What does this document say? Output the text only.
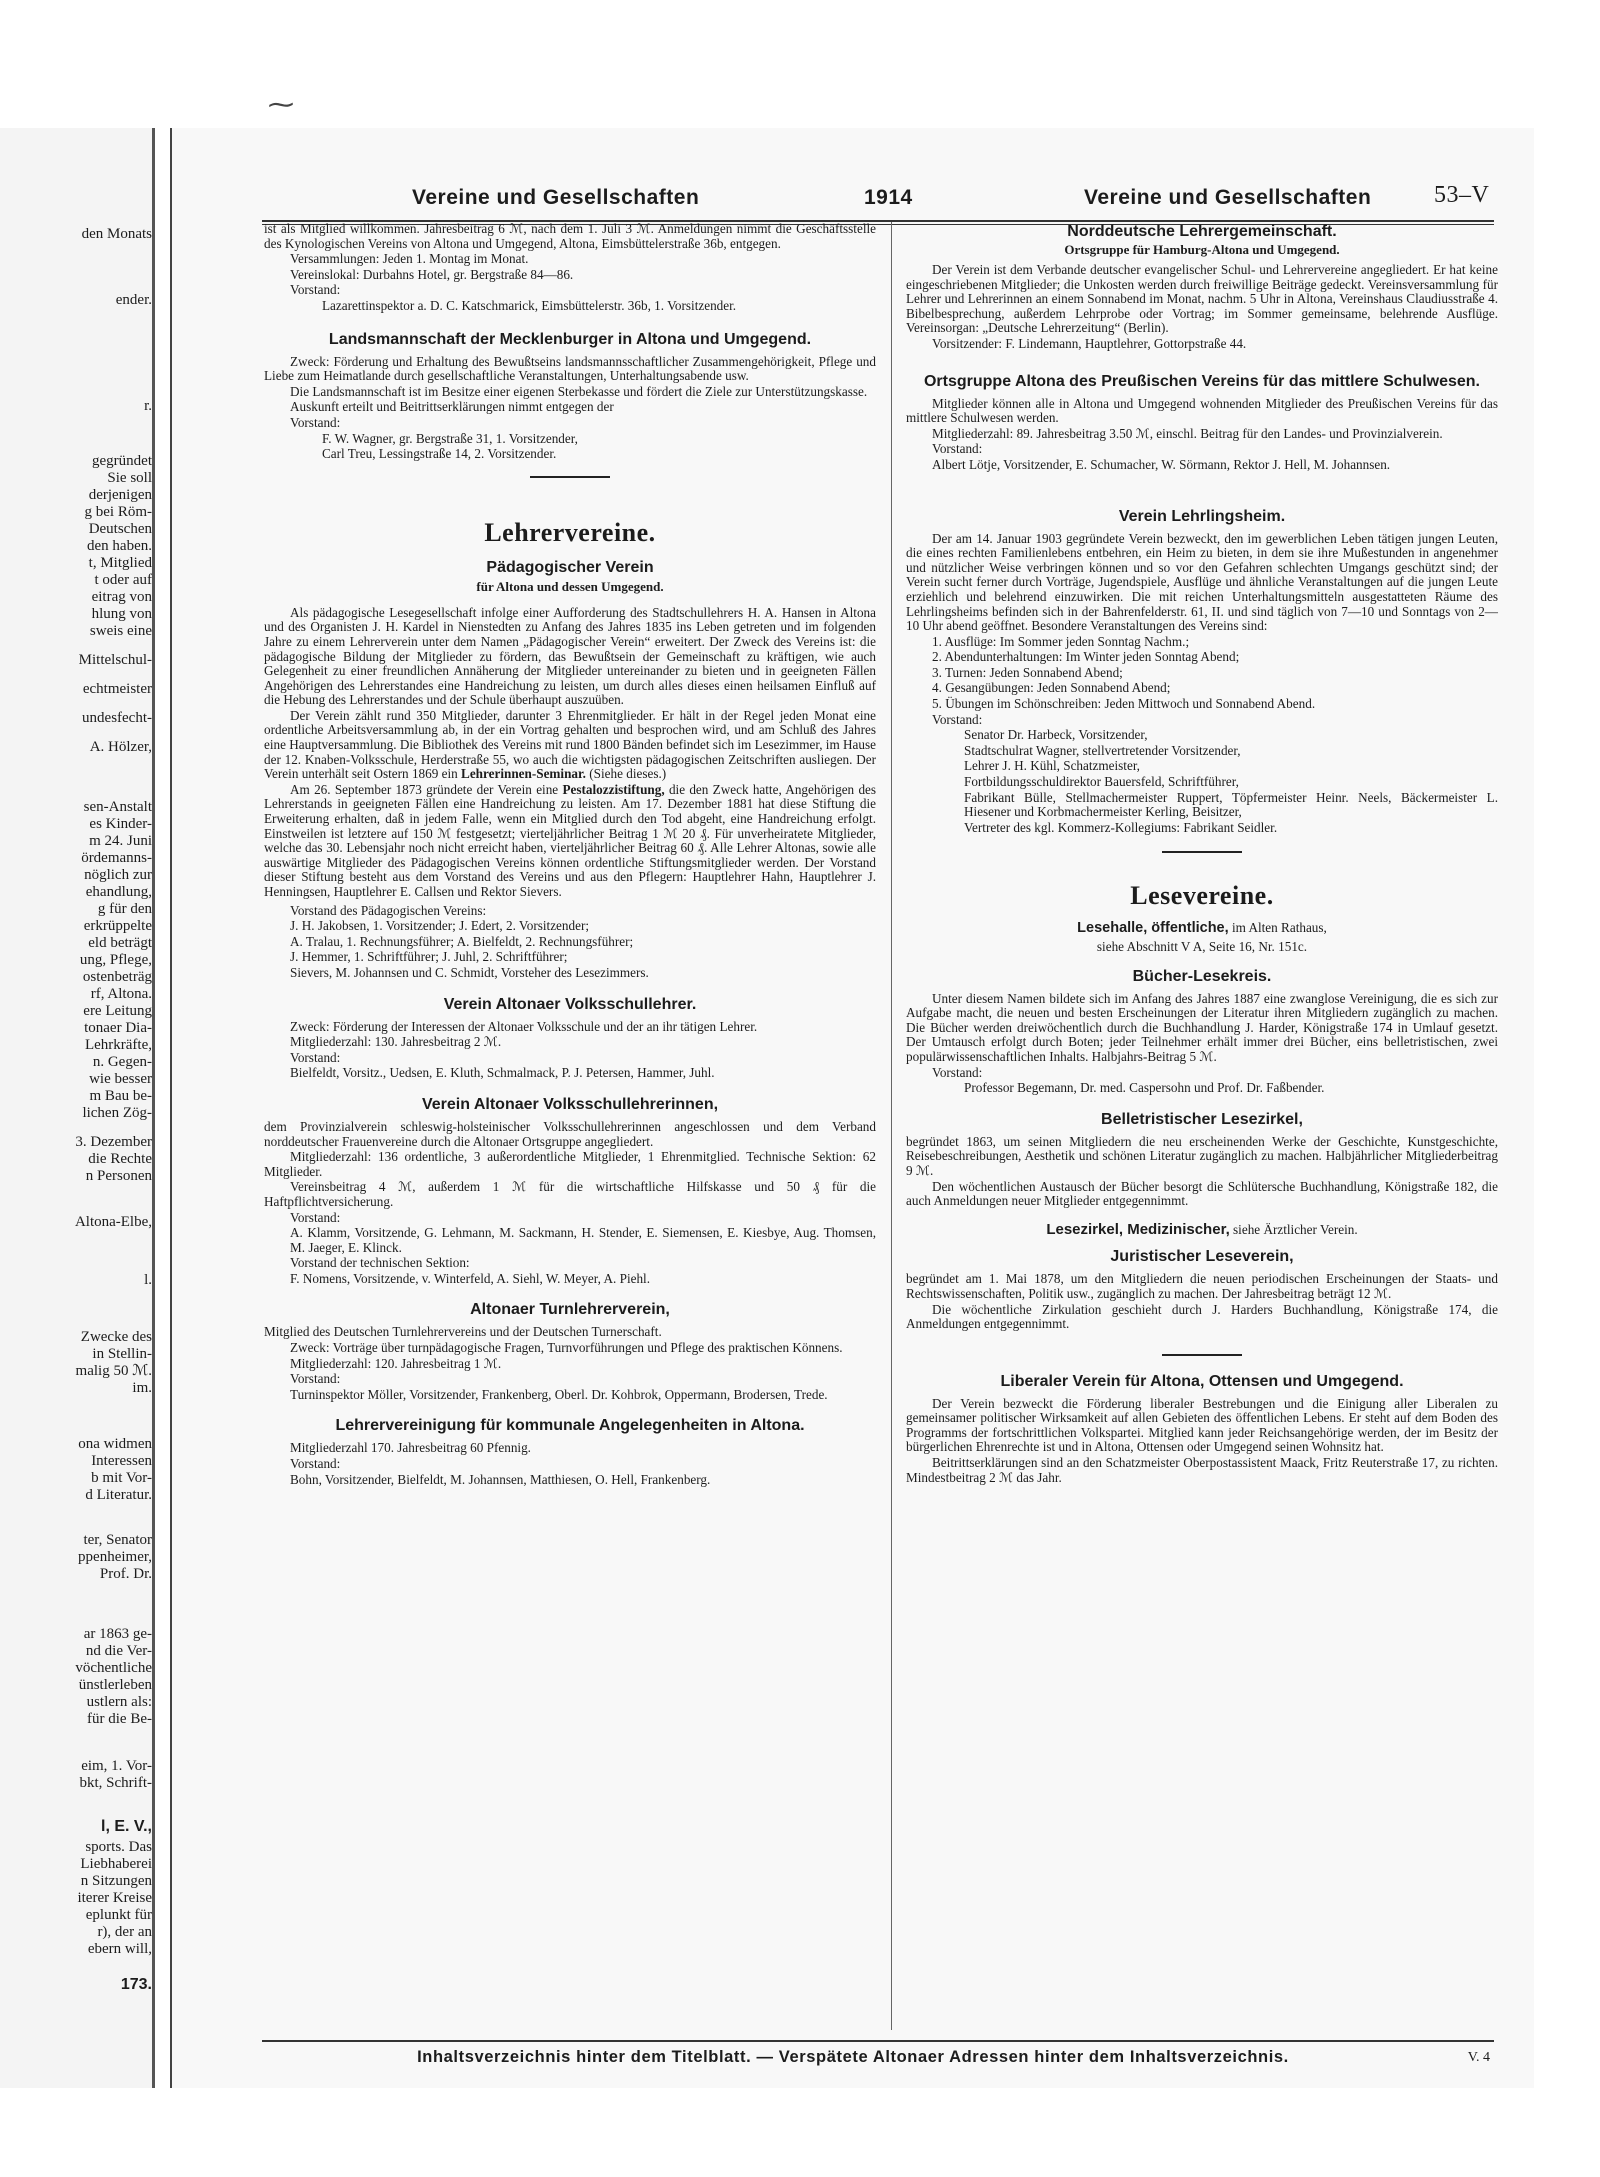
den Monats
ender.
r.
gegründet
Sie soll
derjenigen
g bei Röm-
Deutschen
den haben.
t, Mitglied
t oder auf
eitrag von
hlung von
sweis eine
Mittelschul-
echtmeister
undesfecht-
A. Hölzer,
sen-Anstalt
es Kinder-
m 24. Juni
ördemanns-
nöglich zur
ehandlung,
g für den
erkrüppelte
eld beträgt
ung, Pflege,
ostenbeträg
rf, Altona.
ere Leitung
tonaer Dia-
Lehrkräfte,
n. Gegen-
wie besser
m Bau be-
lichen Zög-
3. Dezember
die Rechte
n Personen
Altona-Elbe,
l.
Zwecke des
in Stellin-
malig 50 ℳ.
im.
ona widmen
Interessen
b mit Vor-
d Literatur.
ter, Senator
ppenheimer,
Prof. Dr.
ar 1863 ge-
nd die Ver-
vöchentliche
ünstlerleben
ustlern als:
für die Be-
eim, 1. Vor-
bkt, Schrift-
l, E. V.,
sports. Das
Liebhaberei
n Sitzungen
iterer Kreise
eplunkt für
r), der an
ebern will,
173.
⁓
Vereine und Gesellschaften	1914	Vereine und Gesellschaften	53–V

ist als Mitglied willkommen. Jahresbeitrag 6 ℳ, nach dem 1. Juli 3 ℳ. Anmeldungen nimmt die Geschäftsstelle des Kynologischen Vereins von Altona und Umgegend, Altona, Eimsbüttelerstraße 36b, entgegen.

Versammlungen: Jeden 1. Montag im Monat.

Vereinslokal: Durbahns Hotel, gr. Bergstraße 84—86.

Vorstand:

Lazarettinspektor a. D. C. Katschmarick, Eimsbüttelerstr. 36b, 1. Vorsitzender.

Landsmannschaft der Mecklenburger in Altona und Umgegend.

Zweck: Förderung und Erhaltung des Bewußtseins landsmannsschaftlicher Zusammengehörigkeit, Pflege und Liebe zum Heimatlande durch gesellschaftliche Veranstaltungen, Unterhaltungsabende usw.

Die Landsmannschaft ist im Besitze einer eigenen Sterbekasse und fördert die Ziele zur Unterstützungskasse.

Auskunft erteilt und Beitrittserklärungen nimmt entgegen der

Vorstand:

F. W. Wagner, gr. Bergstraße 31, 1. Vorsitzender,

Carl Treu, Lessingstraße 14, 2. Vorsitzender.

Lehrervereine.
Pädagogischer Verein
für Altona und dessen Umgegend.

Als pädagogische Lesegesellschaft infolge einer Aufforderung des Stadtschullehrers H. A. Hansen in Altona und des Organisten J. H. Kardel in Nienstedten zu Anfang des Jahres 1835 ins Leben getreten und im folgenden Jahre zu einem Lehrerverein unter dem Namen „Pädagogischer Verein“ erweitert. Der Zweck des Vereins ist: die pädagogische Bildung der Mitglieder zu fördern, das Bewußtsein der Gemeinschaft zu kräftigen, wie auch Gelegenheit zu einer freundlichen Annäherung der Mitglieder untereinander zu bieten und in geeigneten Fällen Angehörigen des Lehrerstandes eine Handreichung zu leisten, um durch alles dieses einen heilsamen Einfluß auf die Hebung des Lehrerstandes und der Schule überhaupt auszuüben.

Der Verein zählt rund 350 Mitglieder, darunter 3 Ehrenmitglieder. Er hält in der Regel jeden Monat eine ordentliche Arbeitsversammlung ab, in der ein Vortrag gehalten und besprochen wird, und am Schluß des Jahres eine Hauptversammlung. Die Bibliothek des Vereins mit rund 1800 Bänden befindet sich im Lesezimmer, im Hause der 12. Knaben-Volksschule, Herderstraße 55, wo auch die wichtigsten pädagogischen Zeitschriften ausliegen. Der Verein unterhält seit Ostern 1869 ein Lehrerinnen-Seminar. (Siehe dieses.)

Am 26. September 1873 gründete der Verein eine Pestalozzistiftung, die den Zweck hatte, Angehörigen des Lehrerstands in geeigneten Fällen eine Handreichung zu leisten. Am 17. Dezember 1881 hat diese Stiftung die Erweiterung erhalten, daß in jedem Falle, wenn ein Mitglied durch den Tod abgeht, eine Handreichung erfolgt. Einstweilen ist letztere auf 150 ℳ festgesetzt; vierteljährlicher Beitrag 1 ℳ 20 ₰. Für unverheiratete Mitglieder, welche das 30. Lebensjahr noch nicht erreicht haben, vierteljährlicher Beitrag 60 ₰. Alle Lehrer Altonas, sowie alle auswärtige Mitglieder des Pädagogischen Vereins können ordentliche Stiftungsmitglieder werden. Der Vorstand dieser Stiftung besteht aus dem Vorstand des Vereins und aus den Pflegern: Hauptlehrer Hahn, Hauptlehrer J. Henningsen, Hauptlehrer E. Callsen und Rektor Sievers.

Vorstand des Pädagogischen Vereins:

J. H. Jakobsen, 1. Vorsitzender; J. Edert, 2. Vorsitzender;

A. Tralau, 1. Rechnungsführer; A. Bielfeldt, 2. Rechnungsführer;

J. Hemmer, 1. Schriftführer; J. Juhl, 2. Schriftführer;

Sievers, M. Johannsen und C. Schmidt, Vorsteher des Lesezimmers.

Verein Altonaer Volksschullehrer.

Zweck: Förderung der Interessen der Altonaer Volksschule und der an ihr tätigen Lehrer.

Mitgliederzahl: 130. Jahresbeitrag 2 ℳ.

Vorstand:

Bielfeldt, Vorsitz., Uedsen, E. Kluth, Schmalmack, P. J. Petersen, Hammer, Juhl.

Verein Altonaer Volksschullehrerinnen,

dem Provinzialverein schleswig-holsteinischer Volksschullehrerinnen angeschlossen und dem Verband norddeutscher Frauenvereine durch die Altonaer Ortsgruppe angegliedert.

Mitgliederzahl: 136 ordentliche, 3 außerordentliche Mitglieder, 1 Ehrenmitglied. Technische Sektion: 62 Mitglieder.

Vereinsbeitrag 4 ℳ, außerdem 1 ℳ für die wirtschaftliche Hilfskasse und 50 ₰ für die Haftpflichtversicherung.

Vorstand:

A. Klamm, Vorsitzende, G. Lehmann, M. Sackmann, H. Stender, E. Siemensen, E. Kiesbye, Aug. Thomsen, M. Jaeger, E. Klinck.

Vorstand der technischen Sektion:

F. Nomens, Vorsitzende, v. Winterfeld, A. Siehl, W. Meyer, A. Piehl.

Altonaer Turnlehrerverein,

Mitglied des Deutschen Turnlehrervereins und der Deutschen Turnerschaft.

Zweck: Vorträge über turnpädagogische Fragen, Turnvorführungen und Pflege des praktischen Könnens.

Mitgliederzahl: 120. Jahresbeitrag 1 ℳ.

Vorstand:

Turninspektor Möller, Vorsitzender, Frankenberg, Oberl. Dr. Kohbrok, Oppermann, Brodersen, Trede.

Lehrervereinigung für kommunale Angelegenheiten in Altona.

Mitgliederzahl 170. Jahresbeitrag 60 Pfennig.

Vorstand:

Bohn, Vorsitzender, Bielfeldt, M. Johannsen, Matthiesen, O. Hell, Frankenberg.

Norddeutsche Lehrergemeinschaft.
Ortsgruppe für Hamburg-Altona und Umgegend.

Der Verein ist dem Verbande deutscher evangelischer Schul- und Lehrervereine angegliedert. Er hat keine eingeschriebenen Mitglieder; die Unkosten werden durch freiwillige Beiträge gedeckt. Vereinsversammlung für Lehrer und Lehrerinnen an einem Sonnabend im Monat, nachm. 5 Uhr in Altona, Vereinshaus Claudiusstraße 4. Bibelbesprechung, außerdem Lehrprobe oder Vortrag; im Sommer gemeinsame, belehrende Ausflüge. Vereinsorgan: „Deutsche Lehrerzeitung“ (Berlin).

Vorsitzender: F. Lindemann, Hauptlehrer, Gottorpstraße 44.

Ortsgruppe Altona des Preußischen Vereins für das mittlere Schulwesen.

Mitglieder können alle in Altona und Umgegend wohnenden Mitglieder des Preußischen Vereins für das mittlere Schulwesen werden.

Mitgliederzahl: 89. Jahresbeitrag 3.50 ℳ, einschl. Beitrag für den Landes- und Provinzialverein.

Vorstand:

Albert Lötje, Vorsitzender, E. Schumacher, W. Sörmann, Rektor J. Hell, M. Johannsen.

Verein Lehrlingsheim.

Der am 14. Januar 1903 gegründete Verein bezweckt, den im gewerblichen Leben tätigen jungen Leuten, die eines rechten Familienlebens entbehren, ein Heim zu bieten, in dem sie ihre Mußestunden in angenehmer und nützlicher Weise verbringen können und so vor den Gefahren schlechten Umgangs geschützt sind; der Verein sucht ferner durch Vorträge, Jugendspiele, Ausflüge und ähnliche Veranstaltungen auf die jungen Leute erziehlich und belehrend einzuwirken. Die mit reichen Unterhaltungsmitteln ausgestatteten Räume des Lehrlingsheims befinden sich in der Bahrenfelderstr. 61, II. und sind täglich von 7—10 und Sonntags von 2—10 Uhr abend geöffnet. Besondere Veranstaltungen des Vereins sind:

1. Ausflüge: Im Sommer jeden Sonntag Nachm.;

2. Abendunterhaltungen: Im Winter jeden Sonntag Abend;

3. Turnen: Jeden Sonnabend Abend;

4. Gesangübungen: Jeden Sonnabend Abend;

5. Übungen im Schönschreiben: Jeden Mittwoch und Sonnabend Abend.

Vorstand:

Senator Dr. Harbeck, Vorsitzender,

Stadtschulrat Wagner, stellvertretender Vorsitzender,

Lehrer J. H. Kühl, Schatzmeister,

Fortbildungsschuldirektor Bauersfeld, Schriftführer,

Fabrikant Bülle, Stellmachermeister Ruppert, Töpfermeister Heinr. Neels, Bäckermeister L. Hiesener und Korbmachermeister Kerling, Beisitzer,

Vertreter des kgl. Kommerz-Kollegiums: Fabrikant Seidler.

Lesevereine.

Lesehalle, öffentliche, im Alten Rathaus,

siehe Abschnitt V A, Seite 16, Nr. 151c.

Bücher-Lesekreis.

Unter diesem Namen bildete sich im Anfang des Jahres 1887 eine zwanglose Vereinigung, die es sich zur Aufgabe macht, die neuen und besten Erscheinungen der Literatur ihren Mitgliedern zugänglich zu machen. Die Bücher werden dreiwöchentlich durch die Buchhandlung J. Harder, Königstraße 174 in Umlauf gesetzt. Der Umtausch erfolgt durch Boten; jeder Teilnehmer erhält immer drei Bücher, eins belletristischen, zwei populärwissenschaftlichen Inhalts. Halbjahrs-Beitrag 5 ℳ.

Vorstand:

Professor Begemann, Dr. med. Caspersohn und Prof. Dr. Faßbender.

Belletristischer Lesezirkel,

begründet 1863, um seinen Mitgliedern die neu erscheinenden Werke der Geschichte, Kunstgeschichte, Reisebeschreibungen, Aesthetik und schönen Literatur zugänglich zu machen. Halbjährlicher Mitgliederbeitrag 9 ℳ.

Den wöchentlichen Austausch der Bücher besorgt die Schlütersche Buchhandlung, Königstraße 182, die auch Anmeldungen neuer Mitglieder entgegennimmt.

Lesezirkel, Medizinischer, siehe Ärztlicher Verein.

Juristischer Leseverein,

begründet am 1. Mai 1878, um den Mitgliedern die neuen periodischen Erscheinungen der Staats- und Rechtswissenschaften, Politik usw., zugänglich zu machen. Der Jahresbeitrag beträgt 12 ℳ.

Die wöchentliche Zirkulation geschieht durch J. Harders Buchhandlung, Königstraße 174, die Anmeldungen entgegennimmt.

Liberaler Verein für Altona, Ottensen und Umgegend.

Der Verein bezweckt die Förderung liberaler Bestrebungen und die Einigung aller Liberalen zu gemeinsamer politischer Wirksamkeit auf allen Gebieten des öffentlichen Lebens. Er steht auf dem Boden des Programms der fortschrittlichen Volkspartei. Mitglied kann jeder Reichsangehörige werden, der im Besitz der bürgerlichen Ehrenrechte ist und in Altona, Ottensen oder Umgegend seinen Wohnsitz hat.

Beitrittserklärungen sind an den Schatzmeister Oberpostassistent Maack, Fritz Reuterstraße 17, zu richten. Mindestbeitrag 2 ℳ das Jahr.

Inhaltsverzeichnis hinter dem Titelblatt. — Verspätete Altonaer Adressen hinter dem Inhaltsverzeichnis.	V. 4
